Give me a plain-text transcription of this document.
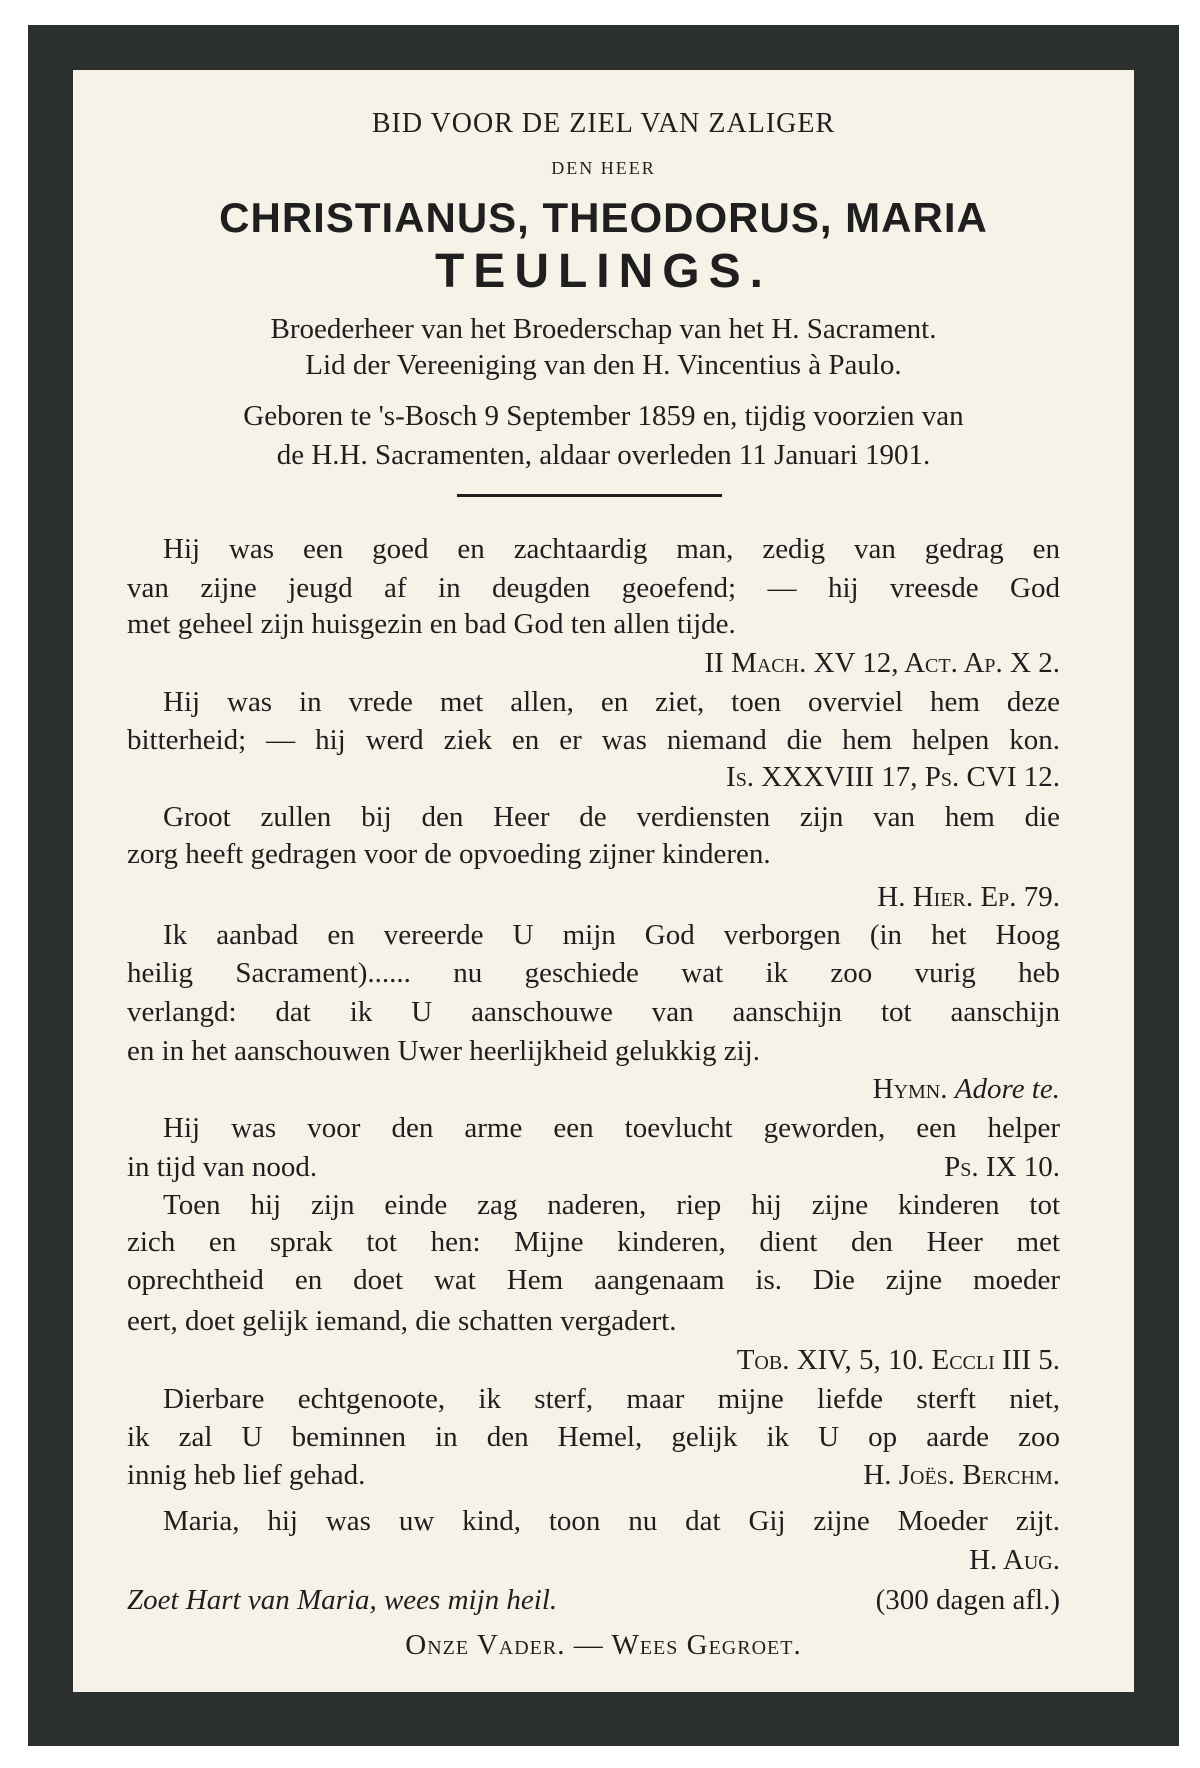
BID VOOR DE ZIEL VAN ZALIGER
DEN HEER
CHRISTIANUS, THEODORUS, MARIA
TEULINGS.
Broederheer van het Broederschap van het H. Sacrament.
Lid der Vereeniging van den H. Vincentius à Paulo.
Geboren te 's-Bosch 9 September 1859 en, tijdig voorzien van
de H.H. Sacramenten, aldaar overleden 11 Januari 1901.
Hij was een goed en zachtaardig man, zedig van gedrag en
van zijne jeugd af in deugden geoefend; — hij vreesde God
met geheel zijn huisgezin en bad God ten allen tijde.
II Mach. XV 12, Act. Ap. X 2.
Hij was in vrede met allen, en ziet, toen overviel hem deze
bitterheid; — hij werd ziek en er was niemand die hem helpen kon.
Is. XXXVIII 17, Ps. CVI 12.
Groot zullen bij den Heer de verdiensten zijn van hem die
zorg heeft gedragen voor de opvoeding zijner kinderen.
H. Hier. Ep. 79.
Ik aanbad en vereerde U mijn God verborgen (in het Hoog
heilig Sacrament)...... nu geschiede wat ik zoo vurig heb
verlangd: dat ik U aanschouwe van aanschijn tot aanschijn
en in het aanschouwen Uwer heerlijkheid gelukkig zij.
Hymn. Adore te.
Hij was voor den arme een toevlucht geworden, een helper
in tijd van nood.	Ps. IX 10.
Toen hij zijn einde zag naderen, riep hij zijne kinderen tot
zich en sprak tot hen: Mijne kinderen, dient den Heer met
oprechtheid en doet wat Hem aangenaam is. Die zijne moeder
eert, doet gelijk iemand, die schatten vergadert.
Tob. XIV, 5, 10. Eccli III 5.
Dierbare echtgenoote, ik sterf, maar mijne liefde sterft niet,
ik zal U beminnen in den Hemel, gelijk ik U op aarde zoo
innig heb lief gehad.	H. Joës. Berchm.
Maria, hij was uw kind, toon nu dat Gij zijne Moeder zijt.
H. Aug.
Zoet Hart van Maria, wees mijn heil.	(300 dagen afl.)
Onze Vader. — Wees Gegroet.
